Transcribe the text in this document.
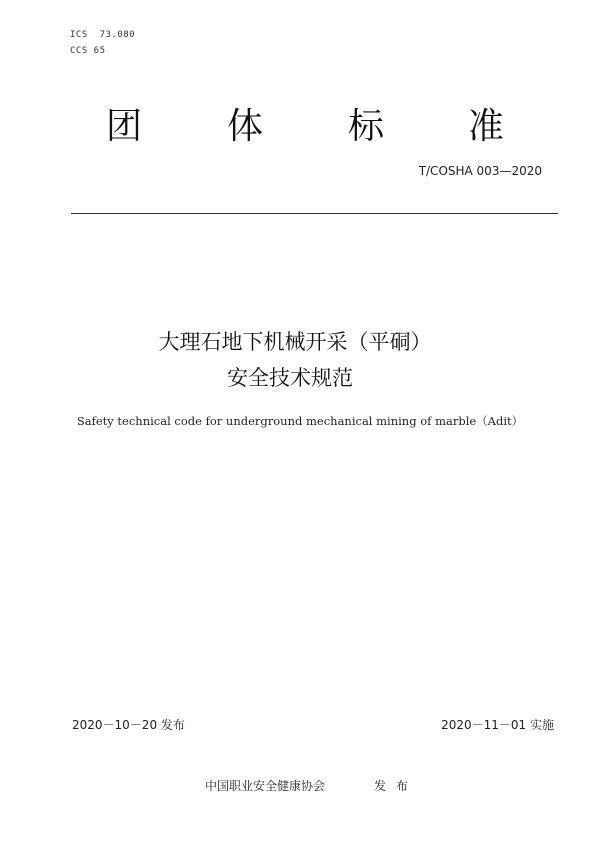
ICS  73.080
CCS 65
团 体 标 准
T/COSHA 003—2020
大理石地下机械开采（平硐）
安全技术规范
Safety technical code for underground mechanical mining of marble（Adit）
2020－10－20 发布	2020－11－01 实施
中国职业安全健康协会	发布
